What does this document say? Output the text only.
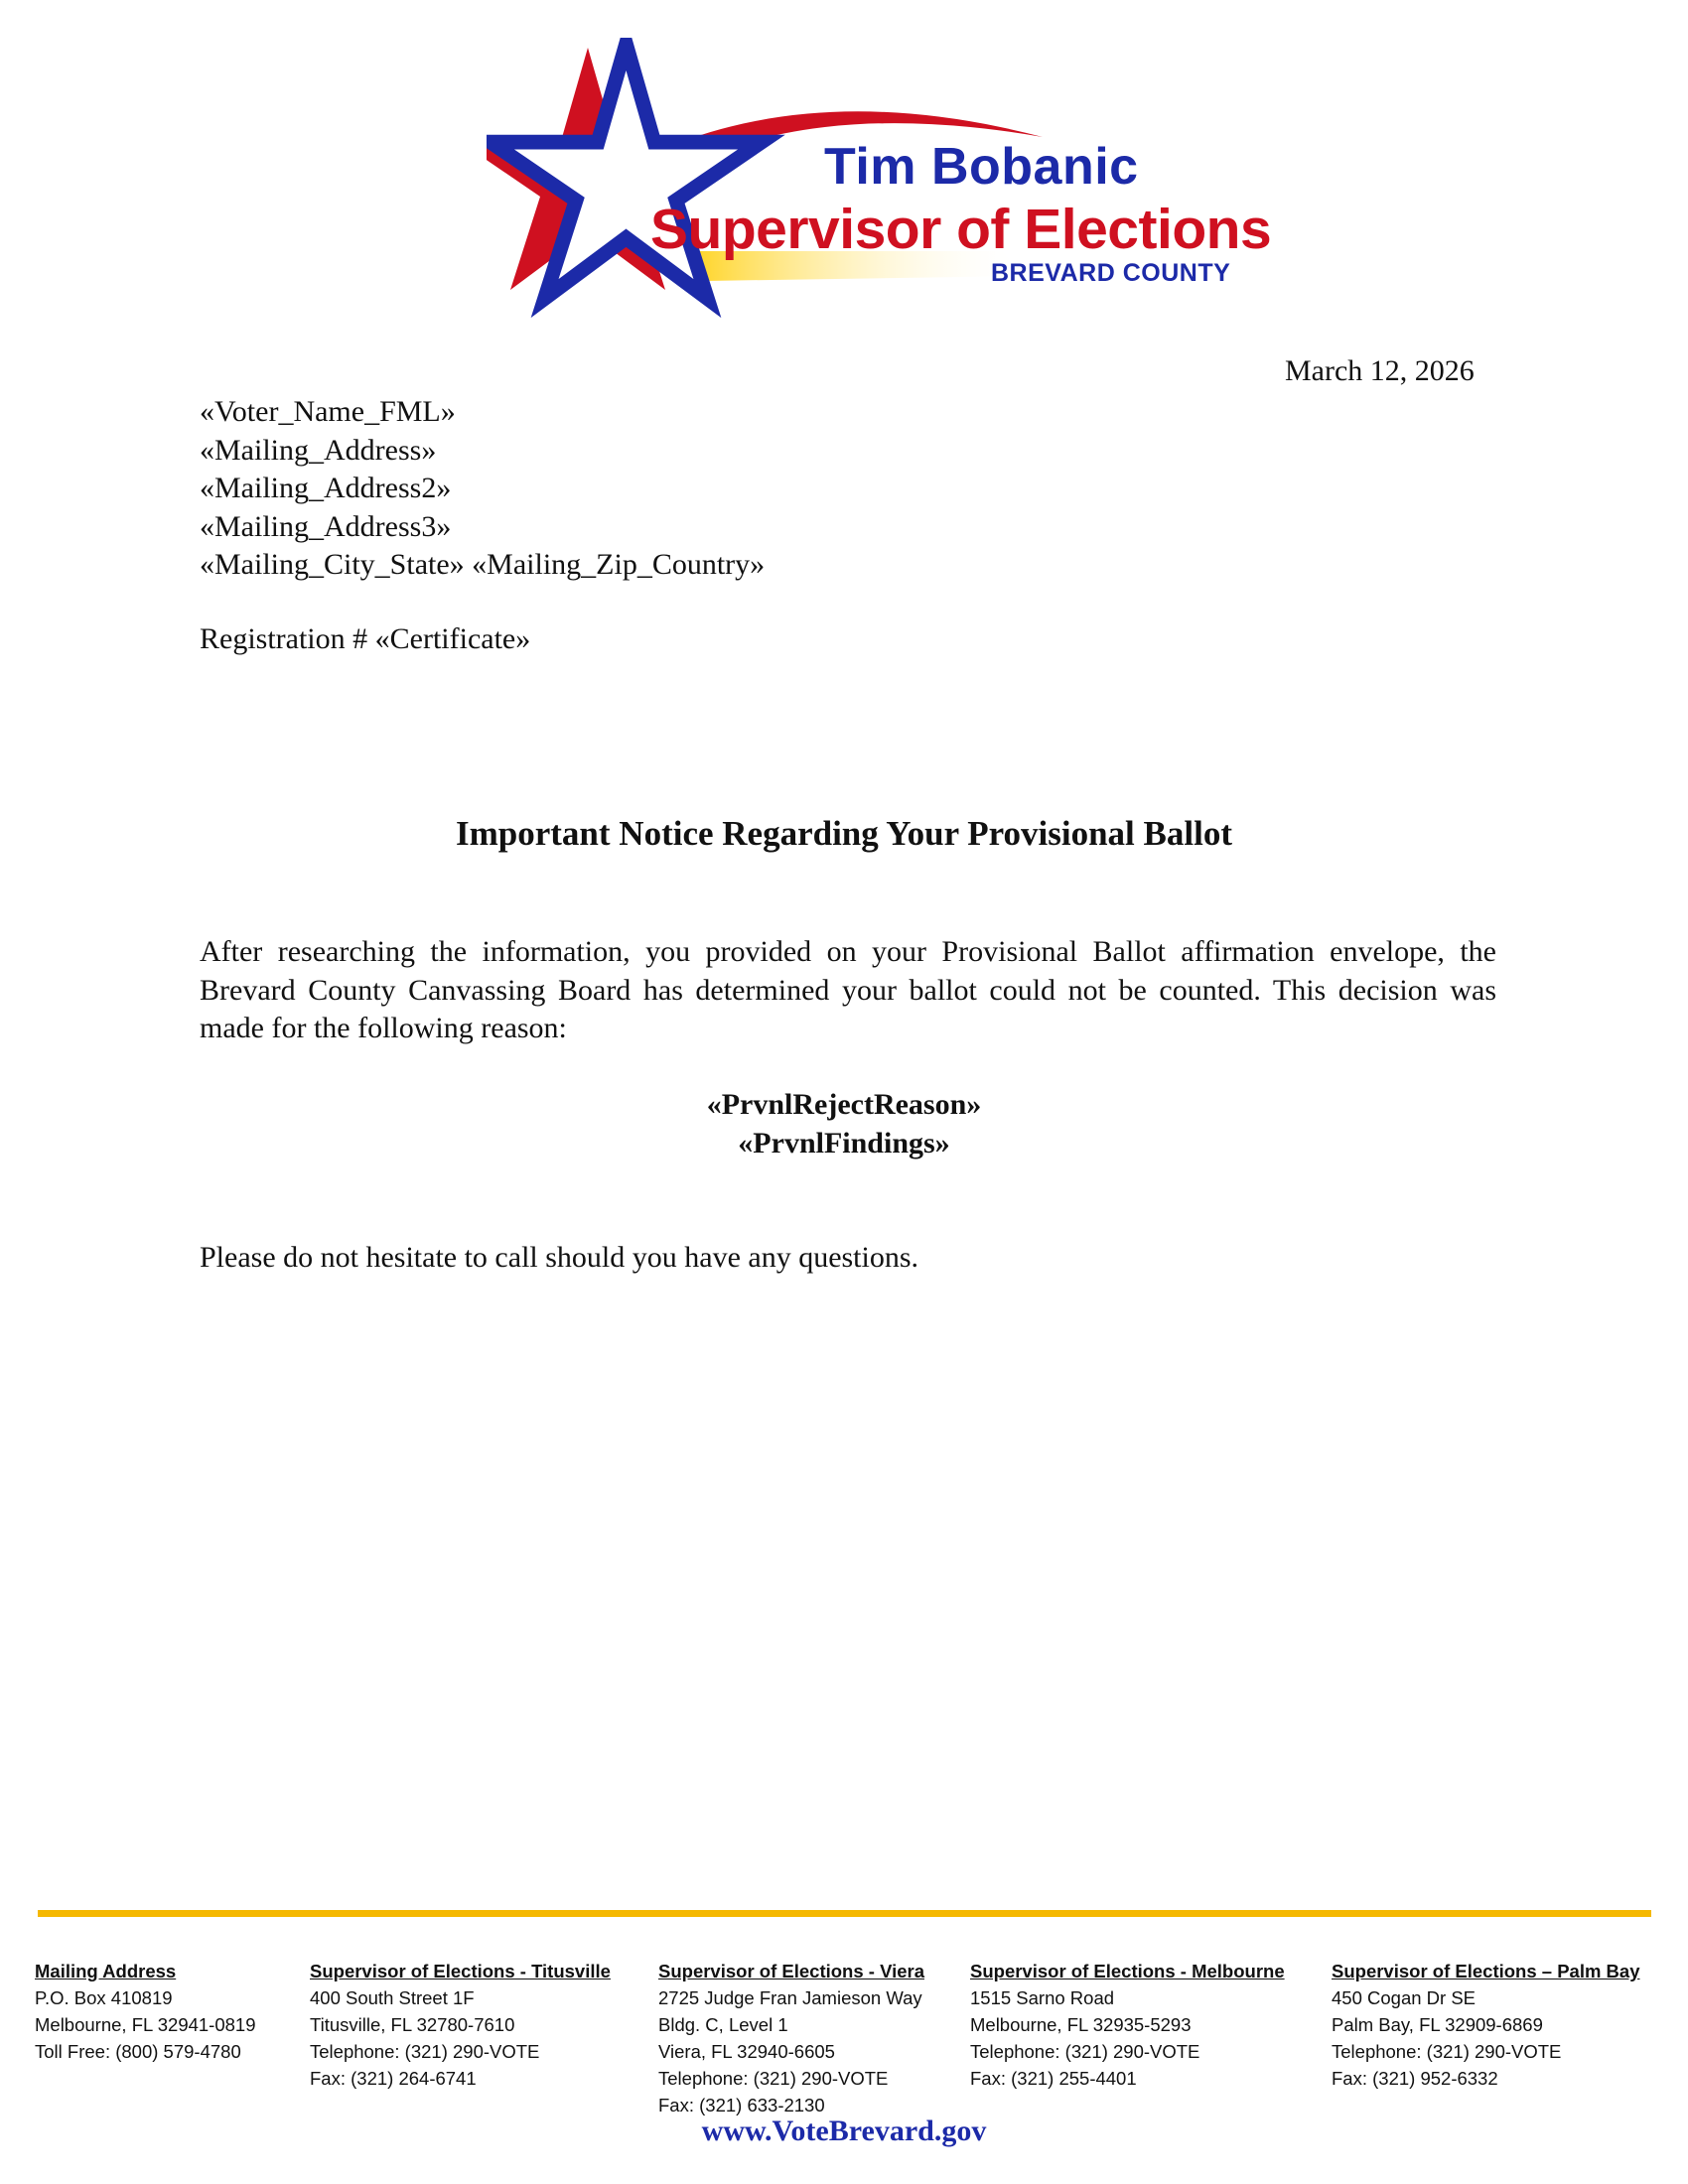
Tim Bobanic
Supervisor of Elections
BREVARD COUNTY
March 12, 2026
«Voter_Name_FML»
«Mailing_Address»
«Mailing_Address2»
«Mailing_Address3»
«Mailing_City_State» «Mailing_Zip_Country»
Registration # «Certificate»
Important Notice Regarding Your Provisional Ballot
After researching the information, you provided on your Provisional Ballot affirmation envelope, the Brevard County Canvassing Board has determined your ballot could not be counted. This decision was made for the following reason:
«PrvnlRejectReason»
«PrvnlFindings»
Please do not hesitate to call should you have any questions.
Mailing Address
P.O. Box 410819
Melbourne, FL 32941-0819
Toll Free: (800) 579-4780
Supervisor of Elections - Titusville
400 South Street 1F
Titusville, FL 32780-7610
Telephone: (321) 290-VOTE
Fax: (321) 264-6741
Supervisor of Elections - Viera
2725 Judge Fran Jamieson Way
Bldg. C, Level 1
Viera, FL 32940-6605
Telephone: (321) 290-VOTE
Fax: (321) 633-2130
Supervisor of Elections - Melbourne
1515 Sarno Road
Melbourne, FL 32935-5293
Telephone: (321) 290-VOTE
Fax: (321) 255-4401
Supervisor of Elections – Palm Bay
450 Cogan Dr SE
Palm Bay, FL 32909-6869
Telephone: (321) 290-VOTE
Fax: (321) 952-6332
www.VoteBrevard.gov
